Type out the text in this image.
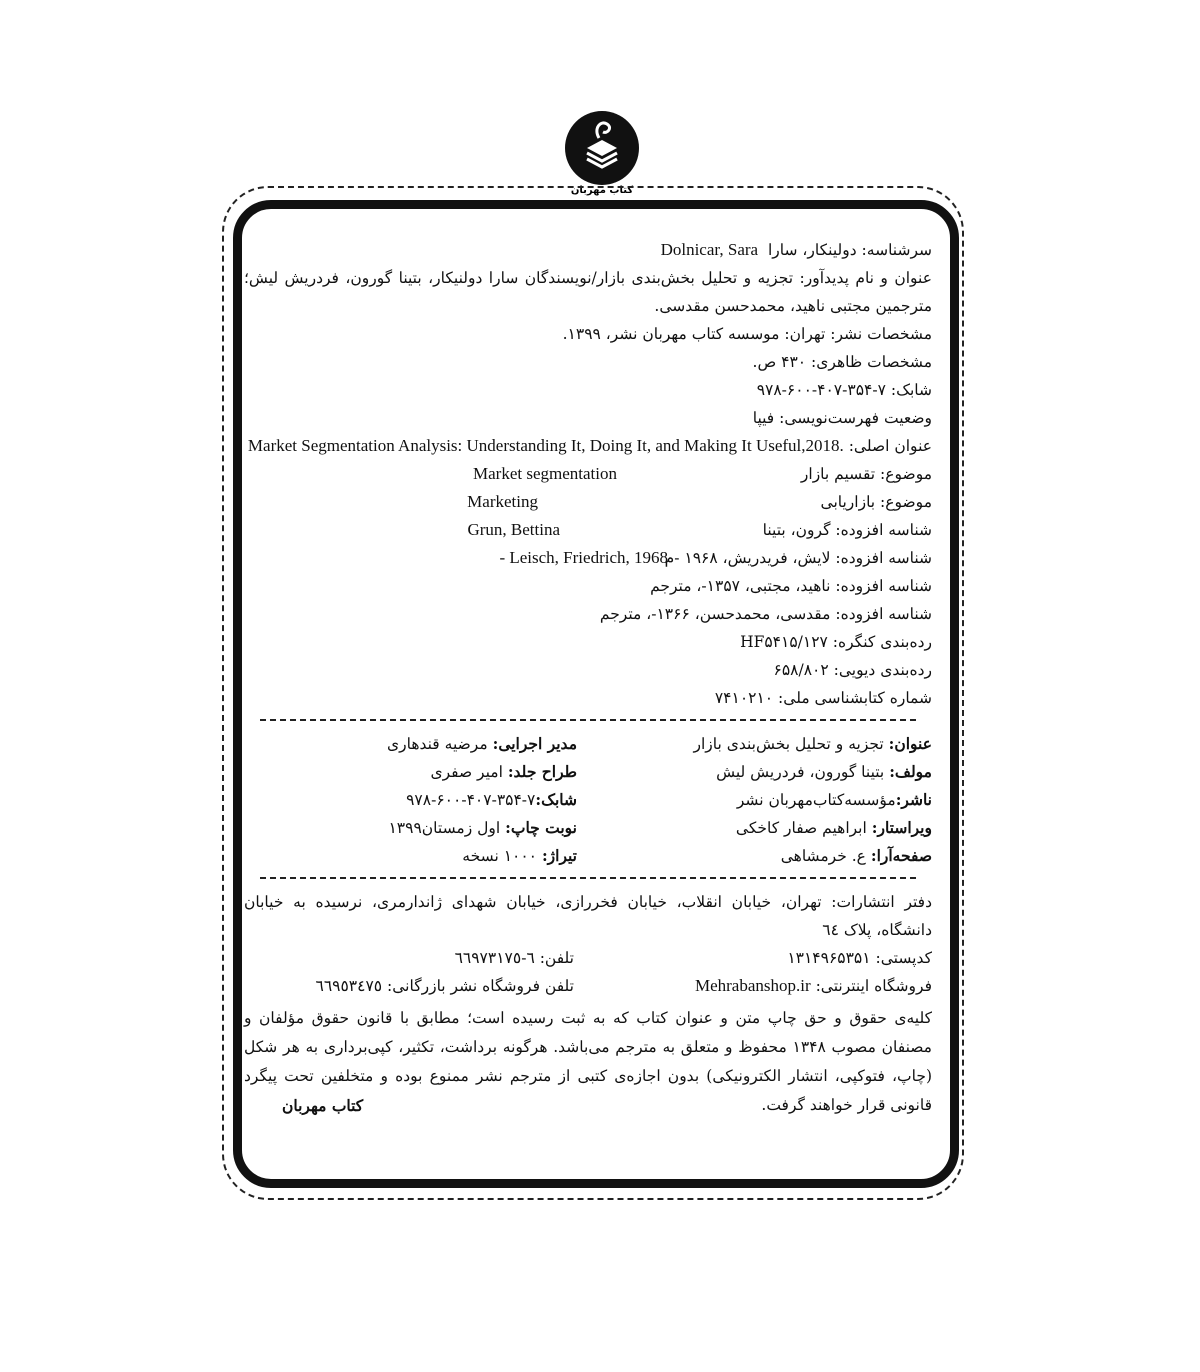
کتاب مهربان
سرشناسه: دولینکار، سارا  Dolnicar, Sara
عنوان و نام پدیدآور: تجزیه و تحلیل بخش‌بندی بازار/نویسندگان سارا دولنیکار، بتینا گورون، فردریش لیش؛ مترجمین مجتبی ناهید، محمدحسن مقدسی.
مشخصات نشر: تهران: موسسه کتاب مهربان نشر، ۱۳۹۹.
مشخصات ظاهری: ۴۳۰ ص.
شابک: ۷-۳۵۴-۴۰۷-۶۰۰-۹۷۸
وضعیت فهرست‌نویسی: فیپا
عنوان اصلی: Market Segmentation Analysis: Understanding It, Doing It, and Making It Useful,2018.
موضوع: تقسیم بازار
Market segmentation
موضوع: بازاریابی
Marketing
شناسه افزوده: گرون، بتینا
Grun, Bettina
شناسه افزوده: لایش، فریدریش، ۱۹۶۸ -م
- Leisch, Friedrich, 1968
شناسه افزوده: ناهید، مجتبی، ۱۳۵۷-، مترجم
شناسه افزوده: مقدسی، محمدحسن، ۱۳۶۶-، مترجم
رده‌بندی کنگره: HF۵۴۱۵/۱۲۷
رده‌بندی دیویی: ۶۵۸/۸۰۲
شماره کتابشناسی ملی: ۷۴۱۰۲۱۰
عنوان: تجزیه و تحلیل بخش‌بندی بازار
مدیر اجرایی: مرضیه قندهاری
مولف: بتینا گورون، فردریش لیش
طراح جلد: امیر صفری
ناشر:مؤسسه‌کتاب‌مهربان نشر
شابک:۷-۳۵۴-۴۰۷-۶۰۰-۹۷۸
ویراستار: ابراهیم صفار کاخکی
نوبت چاپ: اول زمستان۱۳۹۹
صفحه‌آرا: ع. خرمشاهی
تیراژ: ۱۰۰۰ نسخه
دفتر انتشارات: تهران، خیابان انقلاب، خیابان فخررازی، خیابان شهدای ژاندارمری، نرسیده به خیابان دانشگاه، پلاک ٦٤
کدپستی: ۱۳۱۴۹۶۵۳۵۱
تلفن: ٦-٦٦٩٧٣١٧٥
فروشگاه اینترنتی: Mehrabanshop.ir
تلفن فروشگاه نشر بازرگانی: ٦٦٩٥٣٤٧٥
کلیه‌ی حقوق و حق چاپ متن و عنوان کتاب که به ثبت رسیده است؛ مطابق با قانون حقوق مؤلفان و مصنفان مصوب ۱۳۴۸ محفوظ و متعلق به مترجم می‌باشد. هرگونه برداشت، تکثیر، کپی‌برداری به هر شکل (چاپ، فتوکپی، انتشار الکترونیکی) بدون اجازه‌ی کتبی از مترجم نشر ممنوع بوده و متخلفین تحت پیگرد قانونی قرار خواهند گرفت.
کتاب مهربان
